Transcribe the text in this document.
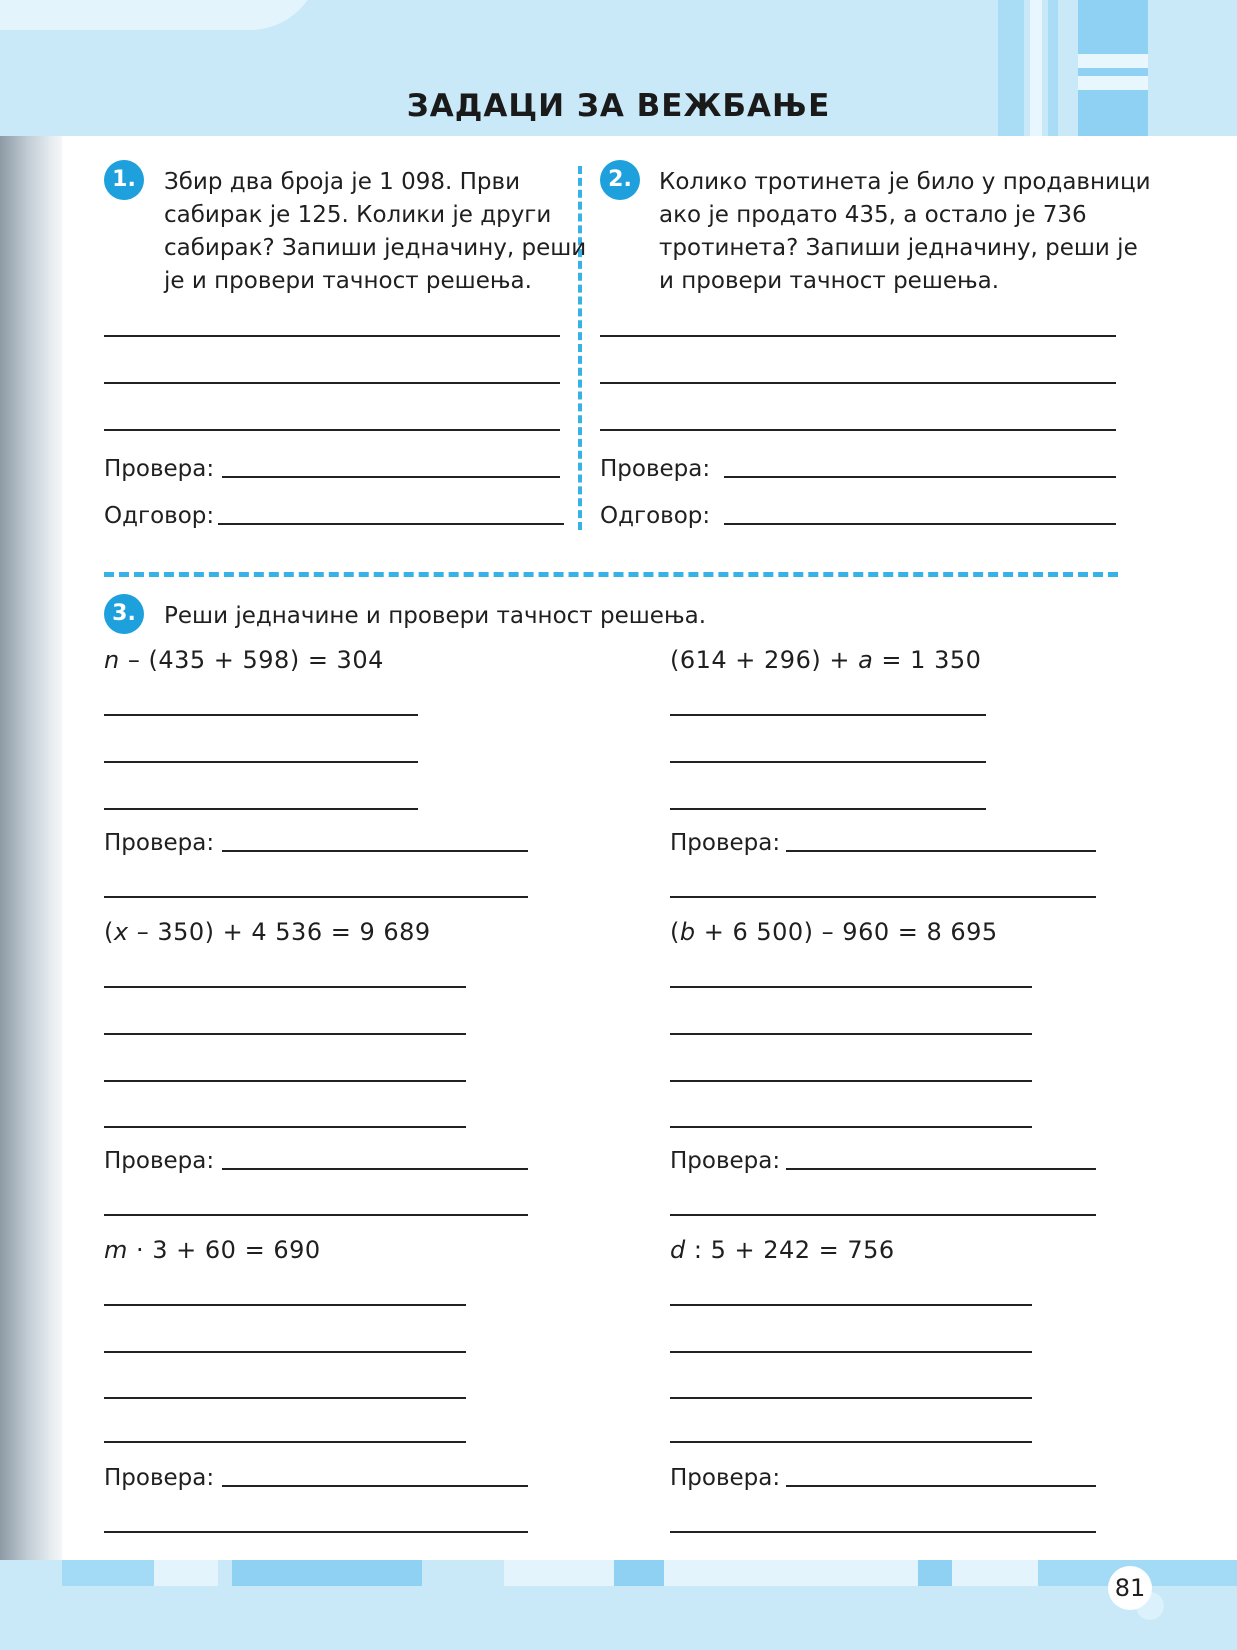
81
ЗАДАЦИ ЗА ВЕЖБАЊЕ
1.	Збир два броја је 1 098. Први
сабирак је 125. Колики је други
сабирак? Запиши једначину, реши
је и провери тачност решења.
Провера:
Одговор:
2.	Колико тротинета је било у продавници
ако је продато 435, а остало је 736
тротинета? Запиши једначину, реши је
и провери тачност решења.
Провера:
Одговор:
3.	Реши једначине и провери тачност решења.
n – (435 + 598) = 304
Провера:
(614 + 296) + a = 1 350
Провера:
(x – 350) + 4 536 = 9 689
Провера:
(b + 6 500) – 960 = 8 695
Провера:
m · 3 + 60 = 690
Провера:
d : 5 + 242 = 756
Провера:
